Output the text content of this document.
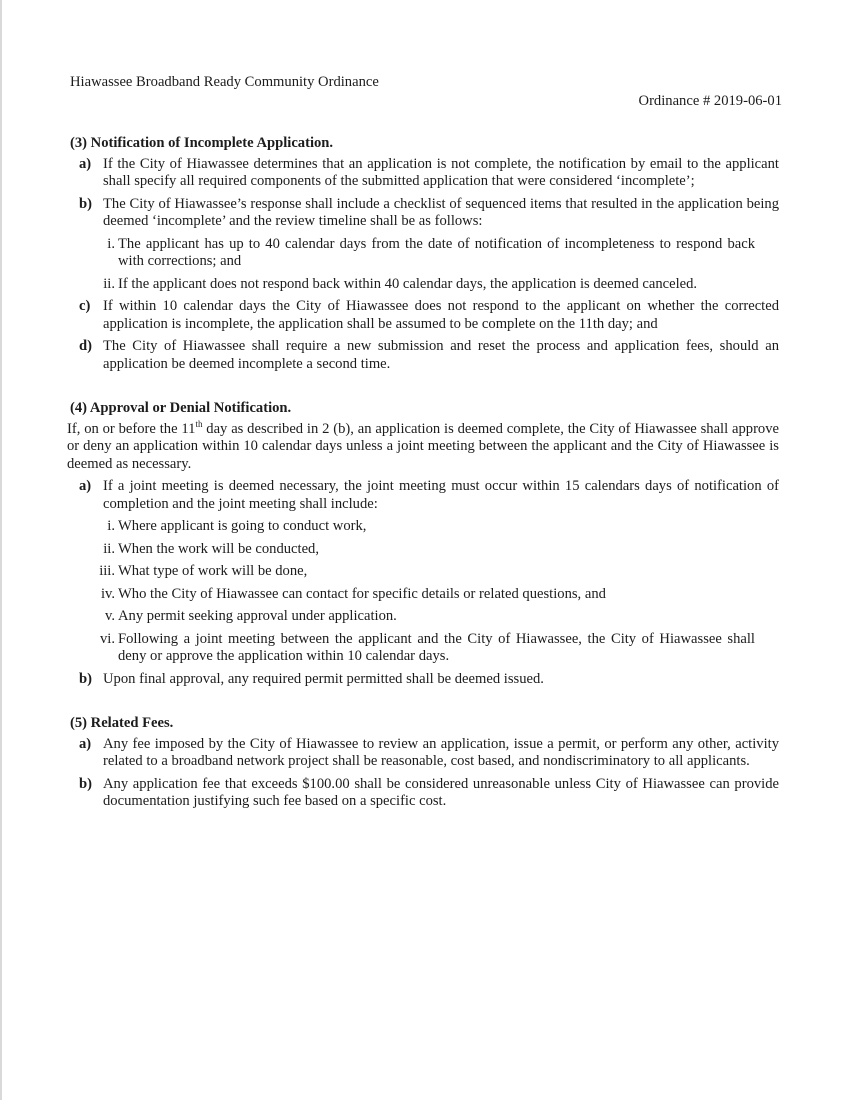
Hiawassee Broadband Ready Community Ordinance
Ordinance # 2019-06-01
(3) Notification of Incomplete Application.
a) If the City of Hiawassee determines that an application is not complete, the notification by email to the applicant shall specify all required components of the submitted application that were considered ‘incomplete’;
b) The City of Hiawassee’s response shall include a checklist of sequenced items that resulted in the application being deemed ‘incomplete’ and the review timeline shall be as follows:
i. The applicant has up to 40 calendar days from the date of notification of incompleteness to respond back with corrections; and
ii. If the applicant does not respond back within 40 calendar days, the application is deemed canceled.
c) If within 10 calendar days the City of Hiawassee does not respond to the applicant on whether the corrected application is incomplete, the application shall be assumed to be complete on the 11th day; and
d) The City of Hiawassee shall require a new submission and reset the process and application fees, should an application be deemed incomplete a second time.
(4) Approval or Denial Notification.
If, on or before the 11th day as described in 2 (b), an application is deemed complete, the City of Hiawassee shall approve or deny an application within 10 calendar days unless a joint meeting between the applicant and the City of Hiawassee is deemed as necessary.
a) If a joint meeting is deemed necessary, the joint meeting must occur within 15 calendars days of notification of completion and the joint meeting shall include:
i. Where applicant is going to conduct work,
ii. When the work will be conducted,
iii. What type of work will be done,
iv. Who the City of Hiawassee can contact for specific details or related questions, and
v. Any permit seeking approval under application.
vi. Following a joint meeting between the applicant and the City of Hiawassee, the City of Hiawassee shall deny or approve the application within 10 calendar days.
b) Upon final approval, any required permit permitted shall be deemed issued.
(5) Related Fees.
a) Any fee imposed by the City of Hiawassee to review an application, issue a permit, or perform any other, activity related to a broadband network project shall be reasonable, cost based, and nondiscriminatory to all applicants.
b) Any application fee that exceeds $100.00 shall be considered unreasonable unless City of Hiawassee can provide documentation justifying such fee based on a specific cost.
